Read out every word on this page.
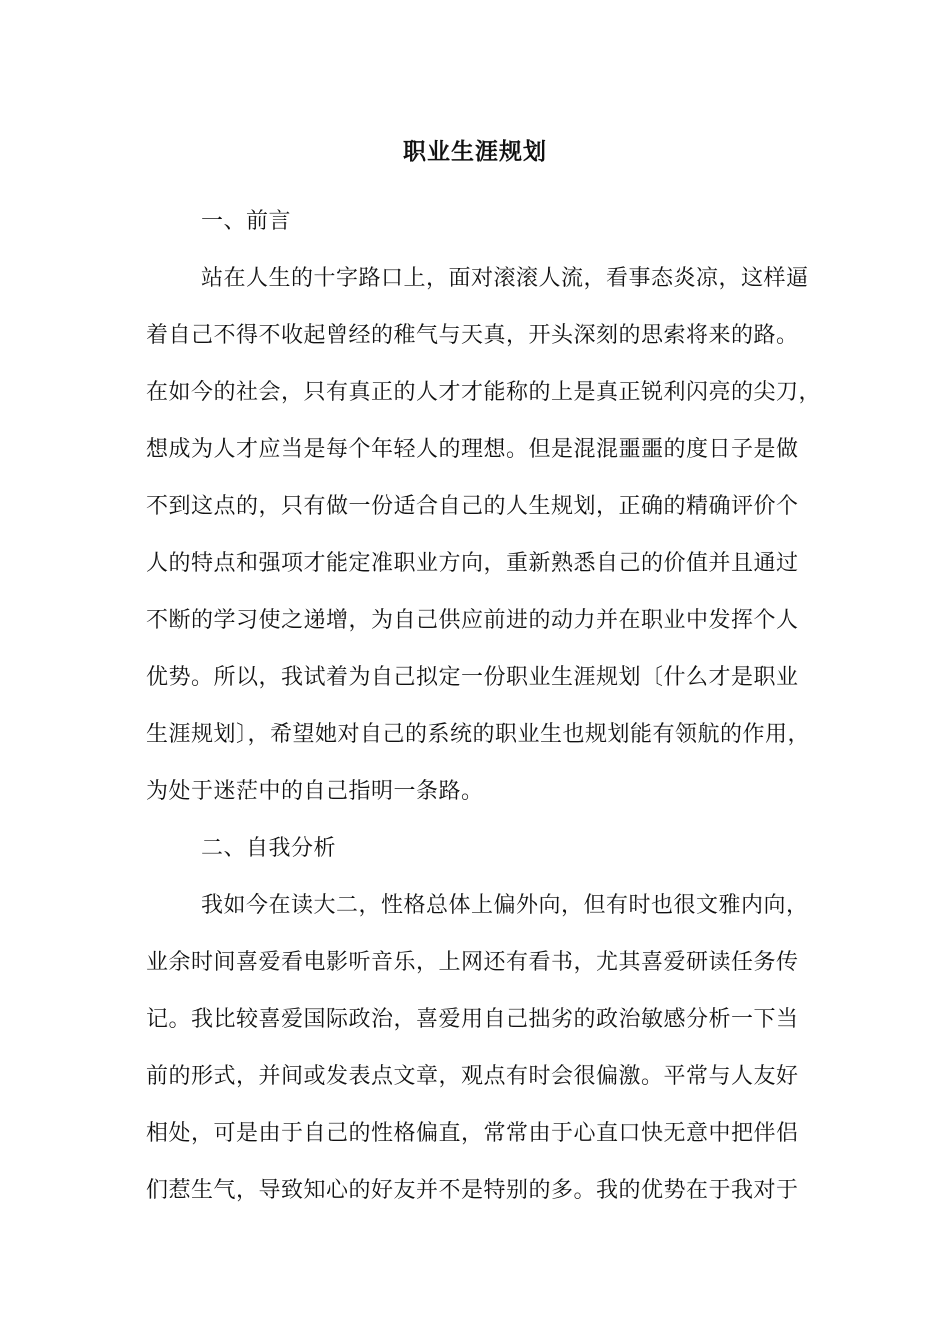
职业生涯规划
一、前言
站在人生的十字路口上，面对滚滚人流，看事态炎凉，这样逼
着自己不得不收起曾经的稚气与天真，开头深刻的思索将来的路。
在如今的社会，只有真正的人才才能称的上是真正锐利闪亮的尖刀，
想成为人才应当是每个年轻人的理想。但是混混噩噩的度日子是做
不到这点的，只有做一份适合自己的人生规划，正确的精确评价个
人的特点和强项才能定准职业方向，重新熟悉自己的价值并且通过
不断的学习使之递增，为自己供应前进的动力并在职业中发挥个人
优势。所以，我试着为自己拟定一份职业生涯规划〔什么才是职业
生涯规划〕，希望她对自己的系统的职业生也规划能有领航的作用，
为处于迷茫中的自己指明一条路。
二、自我分析
我如今在读大二，性格总体上偏外向，但有时也很文雅内向，
业余时间喜爱看电影听音乐，上网还有看书，尤其喜爱研读任务传
记。我比较喜爱国际政治，喜爱用自己拙劣的政治敏感分析一下当
前的形式，并间或发表点文章，观点有时会很偏激。平常与人友好
相处，可是由于自己的性格偏直，常常由于心直口快无意中把伴侣
们惹生气，导致知心的好友并不是特别的多。我的优势在于我对于
